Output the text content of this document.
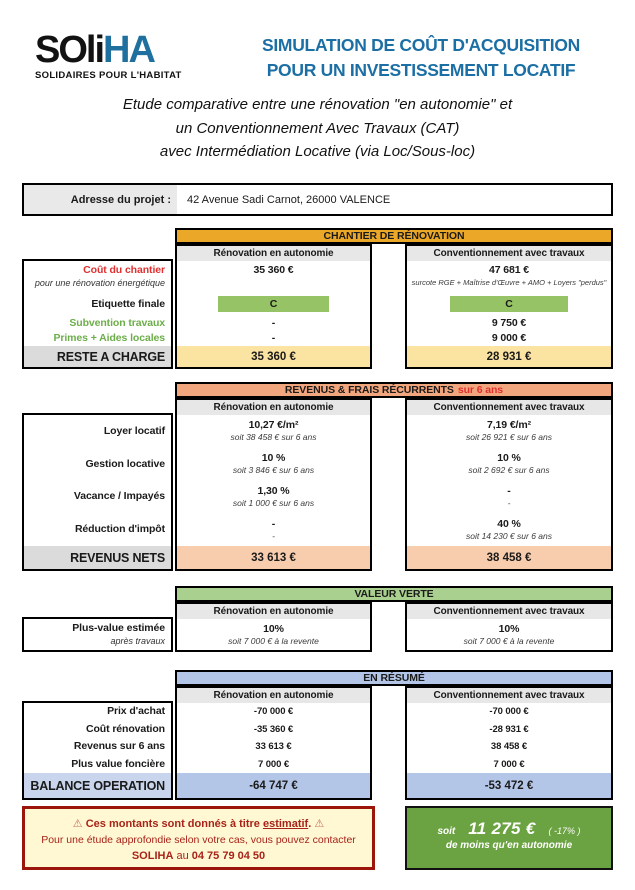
SOliHA
SOLIDAIRES POUR L'HABITAT
SIMULATION DE COÛT D'ACQUISITION
POUR UN INVESTISSEMENT LOCATIF
Etude comparative entre une rénovation "en autonomie" et
un Conventionnement Avec Travaux (CAT)
avec Intermédiation Locative (via Loc/Sous-loc)
Adresse du projet :	42 Avenue Sadi Carnot, 26000 VALENCE
CHANTIER DE RÉNOVATION
Coût du chantier
pour une rénovation énergétique
Etiquette finale
Subvention travaux
Primes + Aides locales
RESTE A CHARGE
Rénovation en autonomie
35 360 €
C
-
-
35 360 €
Conventionnement avec travaux
47 681 €
surcote RGE + Maîtrise d'Œuvre + AMO + Loyers "perdus"
C
9 750 €
9 000 €
28 931 €
REVENUS & FRAIS RÉCURRENTS sur 6 ans
Loyer locatif
Gestion locative
Vacance / Impayés
Réduction d'impôt
REVENUS NETS
Rénovation en autonomie
10,27 €/m²
soit 38 458 € sur 6 ans
10 %
soit 3 846 € sur 6 ans
1,30 %
soit 1 000 € sur 6 ans
-
-
33 613 €
Conventionnement avec travaux
7,19 €/m²
soit 26 921 € sur 6 ans
10 %
soit 2 692 € sur 6 ans
-
-
40 %
soit 14 230 € sur 6 ans
38 458 €
VALEUR VERTE
Plus-value estimée
après travaux
Rénovation en autonomie
10%
soit 7 000 € à la revente
Conventionnement avec travaux
10%
soit 7 000 € à la revente
EN RÉSUMÉ
Prix d'achat
Coût rénovation
Revenus sur 6 ans
Plus value foncière
BALANCE OPERATION
Rénovation en autonomie
-70 000 €
-35 360 €
33 613 €
7 000 €
-64 747 €
Conventionnement avec travaux
-70 000 €
-28 931 €
38 458 €
7 000 €
-53 472 €
⚠ Ces montants sont donnés à titre estimatif. ⚠
Pour une étude approfondie selon votre cas, vous pouvez contacter
SOLIHA au 04 75 79 04 50
soit 11 275 € ( -17% )
de moins qu'en autonomie
